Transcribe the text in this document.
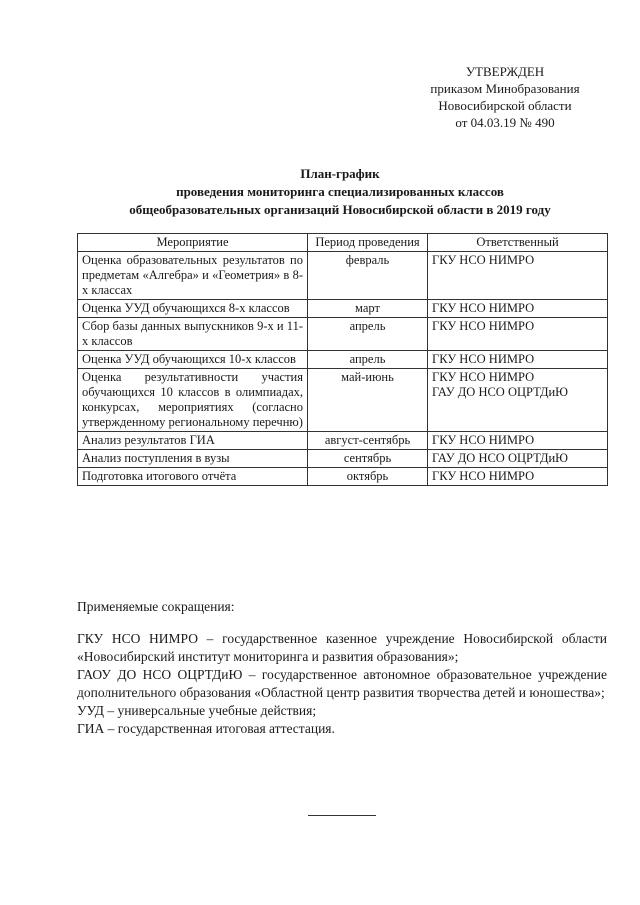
УТВЕРЖДЕН
приказом Минобразования
Новосибирской области
от 04.03.19 № 490
План-график
проведения мониторинга специализированных классов
общеобразовательных организаций Новосибирской области в 2019 году
Мероприятие	Период проведения	Ответственный
Оценка образовательных результатов по предметам «Алгебра» и «Геометрия» в 8-х классах	февраль	ГКУ НСО НИМРО

Оценка УУД обучающихся 8-х классов	март	ГКУ НСО НИМРО

Сбор базы данных выпускников 9-х и 11-х классов	апрель	ГКУ НСО НИМРО

Оценка УУД обучающихся 10-х классов	апрель	ГКУ НСО НИМРО

Оценка результативности участия обучающихся 10 классов в олимпиадах, конкурсах, мероприятиях (согласно утвержденному региональному перечню)	май-июнь	ГКУ НСО НИМРО
ГАУ ДО НСО ОЦРТДиЮ

Анализ результатов ГИА	август-сентябрь	ГКУ НСО НИМРО

Анализ поступления в вузы	сентябрь	ГАУ ДО НСО ОЦРТДиЮ

Подготовка итогового отчёта	октябрь	ГКУ НСО НИМРО
Применяемые сокращения:

ГКУ НСО НИМРО – государственное казенное учреждение Новосибирской области «Новосибирский институт мониторинга и развития образования»;

ГАОУ ДО НСО ОЦРТДиЮ – государственное автономное образовательное учреждение дополнительного образования «Областной центр развития творчества детей и юношества»;

УУД – универсальные учебные действия;

ГИА – государственная итоговая аттестация.
